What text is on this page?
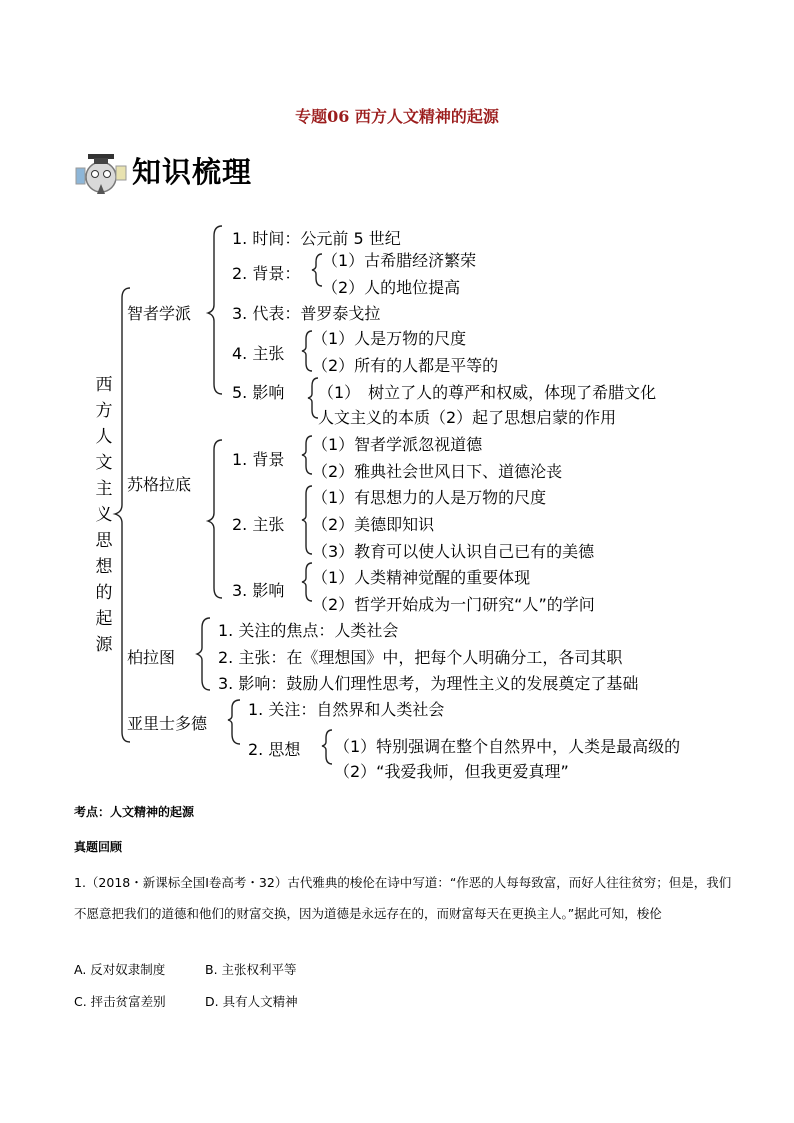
专题06 西方人文精神的起源
知识梳理
西
方
人
文
主
义
思
想
的
起
源
智者学派
1. 时间：公元前 5 世纪
2. 背景：
（1）古希腊经济繁荣
（2）人的地位提高
3. 代表：普罗泰戈拉
4. 主张
（1）人是万物的尺度
（2）所有的人都是平等的
5. 影响 （1）　树立了人的尊严和权威，体现了希腊文化
人文主义的本质（2）起了思想启蒙的作用
苏格拉底
1. 背景
（1）智者学派忽视道德
（2）雅典社会世风日下、道德沦丧
2. 主张
（1）有思想力的人是万物的尺度
（2）美德即知识
（3）教育可以使人认识自己已有的美德
3. 影响
（1）人类精神觉醒的重要体现
（2）哲学开始成为一门研究“人”的学问
柏拉图
1. 关注的焦点：人类社会
2. 主张：在《理想国》中，把每个人明确分工，各司其职
3. 影响：鼓励人们理性思考，为理性主义的发展奠定了基础
亚里士多德
1. 关注：自然界和人类社会
2. 思想 （1）特别强调在整个自然界中，人类是最高级的
（2）“我爱我师，但我更爱真理”
考点：人文精神的起源
真题回顾
1.（2018・新课标全国Ⅰ卷高考・32）古代雅典的梭伦在诗中写道：“作恶的人每每致富，而好人往往贫穷；但是，我们不愿意把我们的道德和他们的财富交换，因为道德是永远存在的，而财富每天在更换主人。”据此可知，梭伦
A. 反对奴隶制度	B. 主张权利平等
C. 抨击贫富差别	D. 具有人文精神
